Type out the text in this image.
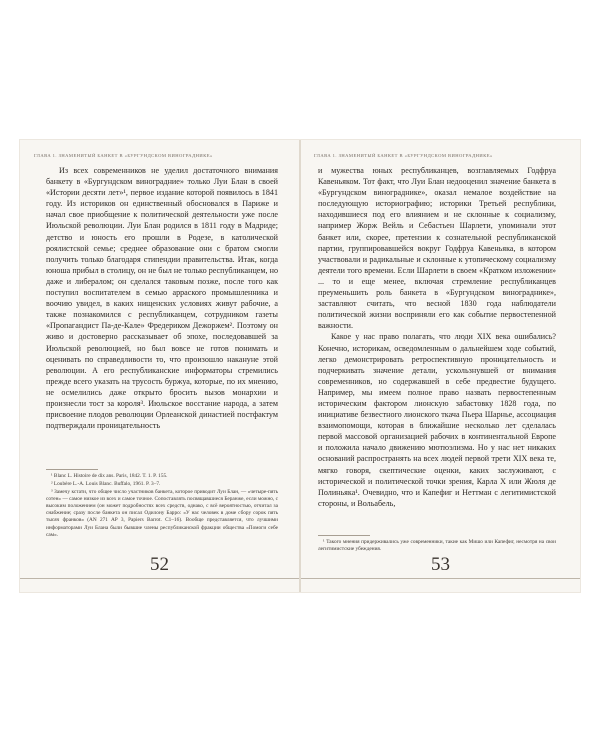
ГЛАВА 1. ЗНАМЕНИТЫЙ БАНКЕТ В «БУРГУНДСКОМ ВИНОГРАДНИКЕ»

Из всех современников не уделил достаточного внимания банкету в «Бургундском виноградние» только Луи Блан в своей «Истории десяти лет»¹, первое издание которой появилось в 1841 году. Из историков он единственный обосновался в Париже и начал свое приобщение к политической деятельности уже после Июльской революции. Луи Блан родился в 1811 году в Мадриде; детство и юность его прошли в Родезе, в католической роялистской семье; среднее образование они с братом смогли получить только благодаря стипендии правительства. Итак, когда юноша прибыл в столицу, он не был не только республиканцем, но даже и либералом; он сделался таковым позже, после того как поступил воспитателем в семью арраского промышленника и воочию увидел, в каких нищенских условиях живут рабочие, а также познакомился с республиканцем, сотрудником газеты «Пропагандист Па-де-Кале» Фредериком Дежоржем². Поэтому он живо и достоверно рассказывает об эпохе, последовавшей за Июльской революцией, но был вовсе не готов понимать и оценивать по справедливости то, что произошло накануне этой революции. А его республиканские информаторы стремились прежде всего указать на трусость буржуа, которые, по их мнению, не осмелились даже открыто бросить вызов монархии и произнесли тост за короля³. Июльское восстание народа, а затем присвоение плодов революции Орлеанской династией постфактум подтверждали проницательность

¹ Blanc L. Histoire de dix ans. Paris, 1842. T. 1. P. 155.

² Loubère L.-A. Louis Blanc. Buffalo, 1961. P. 3–7.

³ Замечу кстати, что общее число участников банкета, которое приводит Луи Блан, — «четыре-пять сотен» — самое низкое из всех и самое точное. Сопоставлять посвящавшиеся Беранже, если можно, с высоким положением (он может подробностях всех средств, однако, с всё вероятностью, отчитал за снабжение; сразу после банкета он писал Одилону Барро: «У нас человек в доме сбору сорок пять тысяч франков» (AN 271 AP 3, Papiers Barrot. C1–16). Вообще представляется, что лучшими информаторами Луи Блана были бывшие члены республиканской фракции общества «Помоги себе сам».

52
ГЛАВА 1. ЗНАМЕНИТЫЙ БАНКЕТ В «БУРГУНДСКОМ ВИНОГРАДНИКЕ»

и мужества юных республиканцев, возглавляемых Годфруа Кавеньяком. Тот факт, что Луи Блан недооценил значение банкета в «Бургундском винограднике», оказал немалое воздействие на последующую историографию; историки Третьей республики, находившиеся под его влиянием и не склонные к социализму, например Жорж Вейль и Себастьен Шарлети, упоминали этот банкет или, скорее, претензии к сознательной республиканской партии, группировавшейся вокруг Годфруа Кавеньяка, в котором участвовали и радикальные и склонные к утопическому социализму деятели того времени. Если Шарлети в своем «Кратком изложении» ... то и еще менее, включая стремление республиканцев преуменьшить роль банкета в «Бургундском винограднике», заставляют считать, что весной 1830 года наблюдатели политической жизни восприняли его как событие первостепенной важности.

Какое у нас право полагать, что люди XIX века ошибались? Конечно, историкам, осведомленным о дальнейшем ходе событий, легко демонстрировать ретроспективную проницательность и подчеркивать значение детали, ускользнувшей от внимания современников, но содержавшей в себе предвестие будущего. Например, мы имеем полное право назвать первостепенным историческим фактором лионскую забастовку 1828 года, по инициативе безвестного лионского ткача Пьера Шарнье, ассоциация взаимопомощи, которая в ближайшие несколько лет сделалась первой массовой организацией рабочих в континентальной Европе и положила начало движению мютюэлизма. Но у нас нет никаких оснований распространять на всех людей первой трети XIX века те, мягко говоря, скептические оценки, каких заслуживают, с исторической и политической точки зрения, Карла X или Жюля де Полиньяка¹. Очевидно, что и Капефиг и Неттман с легитимистской стороны, и Вольабель,

¹ Такого мнения придерживались уже современники, такие как Мишо или Капефиг, несмотря на свои легитимистские убеждения.

53
